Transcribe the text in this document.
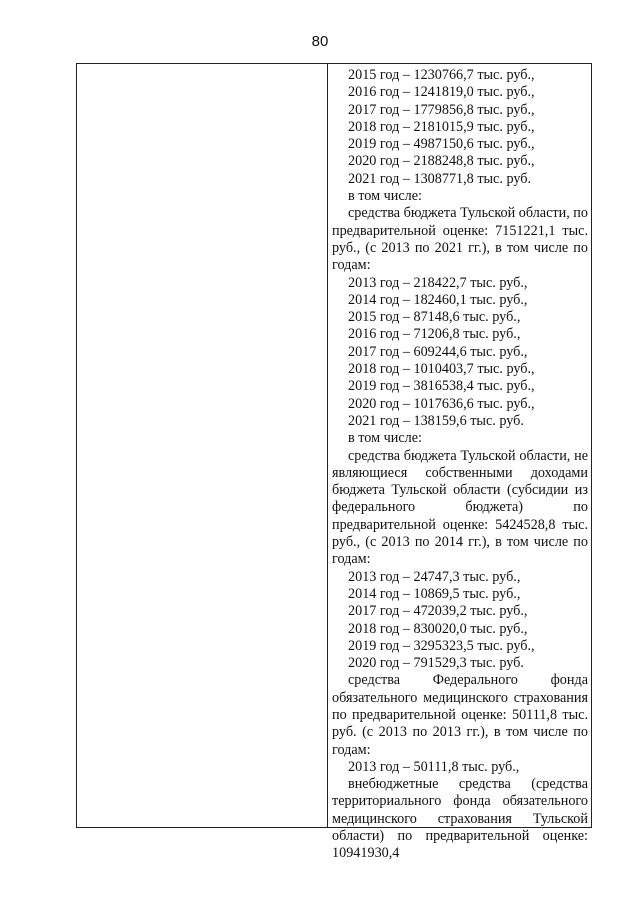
80

2015 год – 1230766,7 тыс. руб.,

2016 год – 1241819,0 тыс. руб.,

2017 год – 1779856,8 тыс. руб.,

2018 год – 2181015,9 тыс. руб.,

2019 год – 4987150,6 тыс. руб.,

2020 год – 2188248,8 тыс. руб.,

2021 год – 1308771,8 тыс. руб.

в том числе:

средства бюджета Тульской области, по предварительной оценке: 7151221,1 тыс. руб., (с 2013 по 2021 гг.), в том числе по годам:

2013 год – 218422,7 тыс. руб.,

2014 год – 182460,1 тыс. руб.,

2015 год – 87148,6 тыс. руб.,

2016 год – 71206,8 тыс. руб.,

2017 год – 609244,6 тыс. руб.,

2018 год – 1010403,7 тыс. руб.,

2019 год – 3816538,4 тыс. руб.,

2020 год – 1017636,6 тыс. руб.,

2021 год – 138159,6 тыс. руб.

в том числе:

средства бюджета Тульской области, не являющиеся собственными доходами бюджета Тульской области (субсидии из федерального бюджета) по предварительной оценке: 5424528,8 тыс. руб., (с 2013 по 2014 гг.), в том числе по годам:

2013 год – 24747,3 тыс. руб.,

2014 год – 10869,5 тыс. руб.,

2017 год – 472039,2 тыс. руб.,

2018 год – 830020,0 тыс. руб.,

2019 год – 3295323,5 тыс. руб.,

2020 год – 791529,3 тыс. руб.

средства Федерального фонда обязательного медицинского страхования по предварительной оценке: 50111,8 тыс. руб. (с 2013 по 2013 гг.), в том числе по годам:

2013 год – 50111,8 тыс. руб.,

внебюджетные средства (средства территориального фонда обязательного медицинского страхования Тульской области) по предварительной оценке: 10941930,4
